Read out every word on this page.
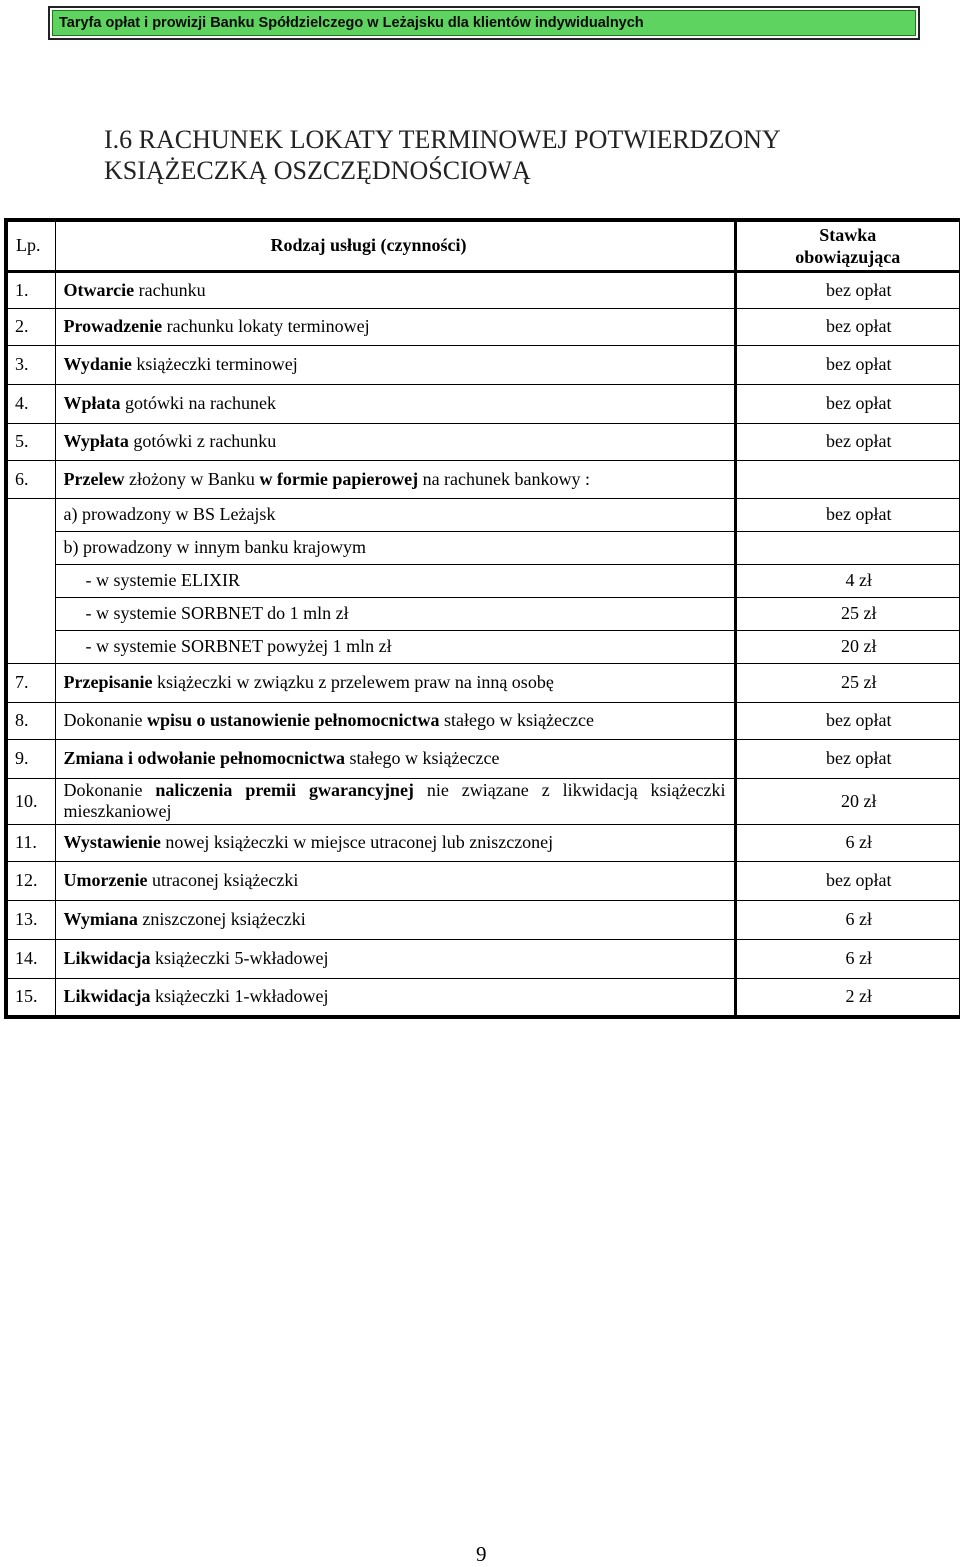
Taryfa opłat i prowizji Banku Spółdzielczego w Leżajsku dla klientów indywidualnych
I.6 RACHUNEK LOKATY TERMINOWEJ POTWIERDZONY
KSIĄŻECZKĄ OSZCZĘDNOŚCIOWĄ
Lp.	Rodzaj usługi (czynności)	Stawka
obowiązująca

1.	Otwarcie rachunku	bez opłat
2.	Prowadzenie rachunku lokaty terminowej	bez opłat
3.	Wydanie książeczki terminowej	bez opłat
4.	Wpłata gotówki na rachunek	bez opłat
5.	Wypłata gotówki z rachunku	bez opłat
6.	Przelew złożony w Banku w formie papierowej na rachunek bankowy :	
	a) prowadzony w BS Leżajsk	bez opłat
	b) prowadzony w innym banku krajowym	
	- w systemie ELIXIR	4 zł
	- w systemie SORBNET do 1 mln zł	25 zł
	- w systemie SORBNET powyżej 1 mln zł	20 zł
7.	Przepisanie książeczki w związku z przelewem praw na inną osobę	25 zł
8.	Dokonanie wpisu o ustanowienie pełnomocnictwa stałego w książeczce	bez opłat
9.	Zmiana i odwołanie pełnomocnictwa stałego w książeczce	bez opłat
10.	Dokonanie naliczenia premii gwarancyjnej nie związane z likwidacją książeczki mieszkaniowej	20 zł
11.	Wystawienie nowej książeczki w miejsce utraconej lub zniszczonej	6 zł
12.	Umorzenie utraconej książeczki	bez opłat
13.	Wymiana zniszczonej książeczki	6 zł
14.	Likwidacja książeczki 5-wkładowej	6 zł
15.	Likwidacja książeczki 1-wkładowej	2 zł
9
